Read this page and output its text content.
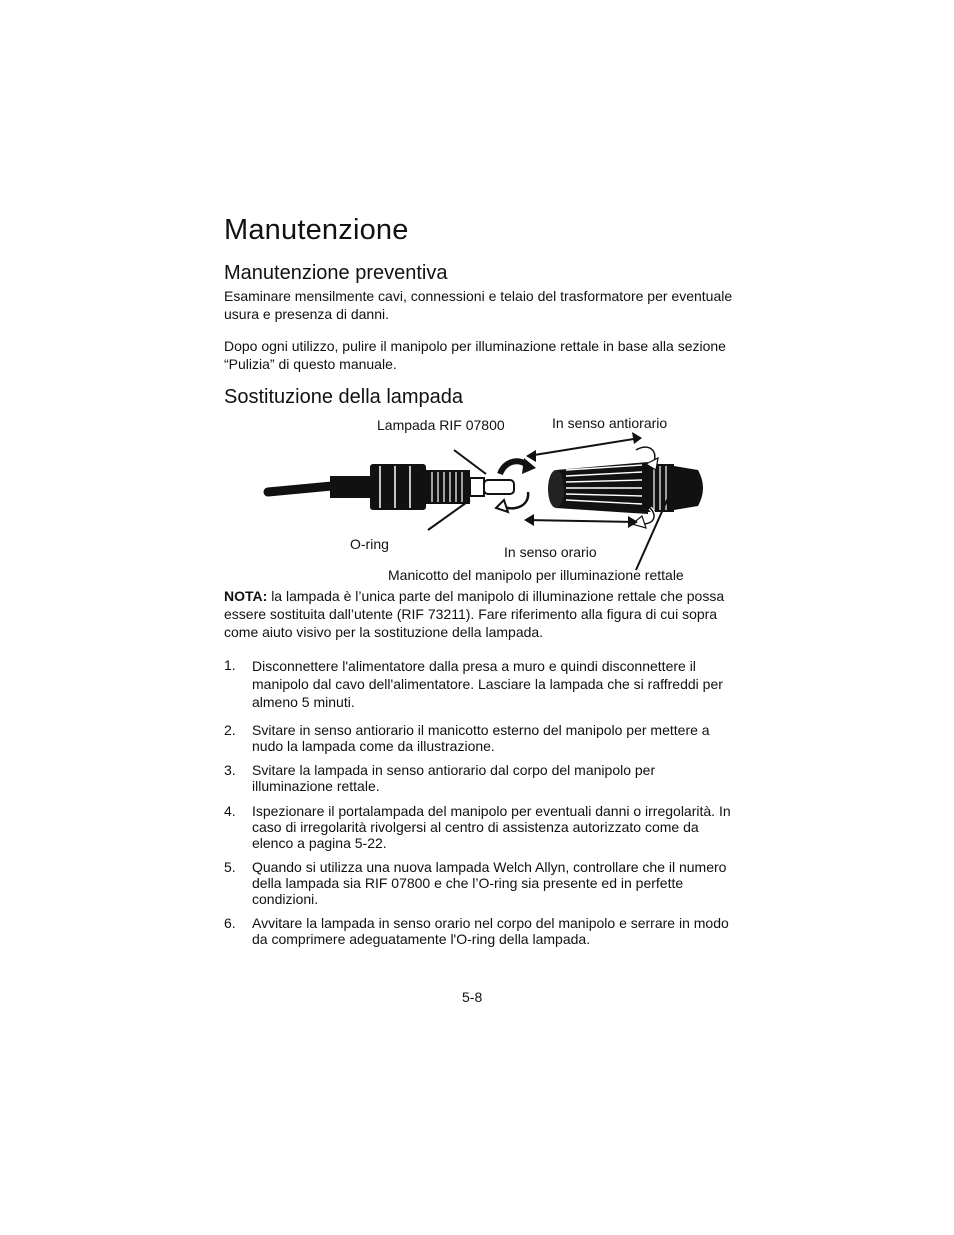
Manutenzione
Manutenzione preventiva

Esaminare mensilmente cavi, connessioni e telaio del trasformatore per eventuale usura e presenza di danni.

Dopo ogni utilizzo, pulire il manipolo per illuminazione rettale in base alla sezione “Pulizia” di questo manuale.

Sostituzione della lampada
Lampada RIF 07800	In senso antiorario
O-ring	In senso orario
Manicotto del manipolo per illuminazione rettale

NOTA: la lampada è l’unica parte del manipolo di illuminazione rettale che possa essere sostituita dall’utente (RIF 73211). Fare riferimento alla figura di cui sopra come aiuto visivo per la sostituzione della lampada.

1. Disconnettere l'alimentatore dalla presa a muro e quindi disconnettere il manipolo dal cavo dell'alimentatore. Lasciare la lampada che si raffreddi per almeno 5 minuti.
2. Svitare in senso antiorario il manicotto esterno del manipolo per mettere a nudo la lampada come da illustrazione.
3. Svitare la lampada in senso antiorario dal corpo del manipolo per illuminazione rettale.
4. Ispezionare il portalampada del manipolo per eventuali danni o irregolarità. In caso di irregolarità rivolgersi al centro di assistenza autorizzato come da elenco a pagina 5-22.
5. Quando si utilizza una nuova lampada Welch Allyn, controllare che il numero della lampada sia RIF 07800 e che l’O-ring sia presente ed in perfette condizioni.
6. Avvitare la lampada in senso orario nel corpo del manipolo e serrare in modo da comprimere adeguatamente l'O-ring della lampada.
5-8
